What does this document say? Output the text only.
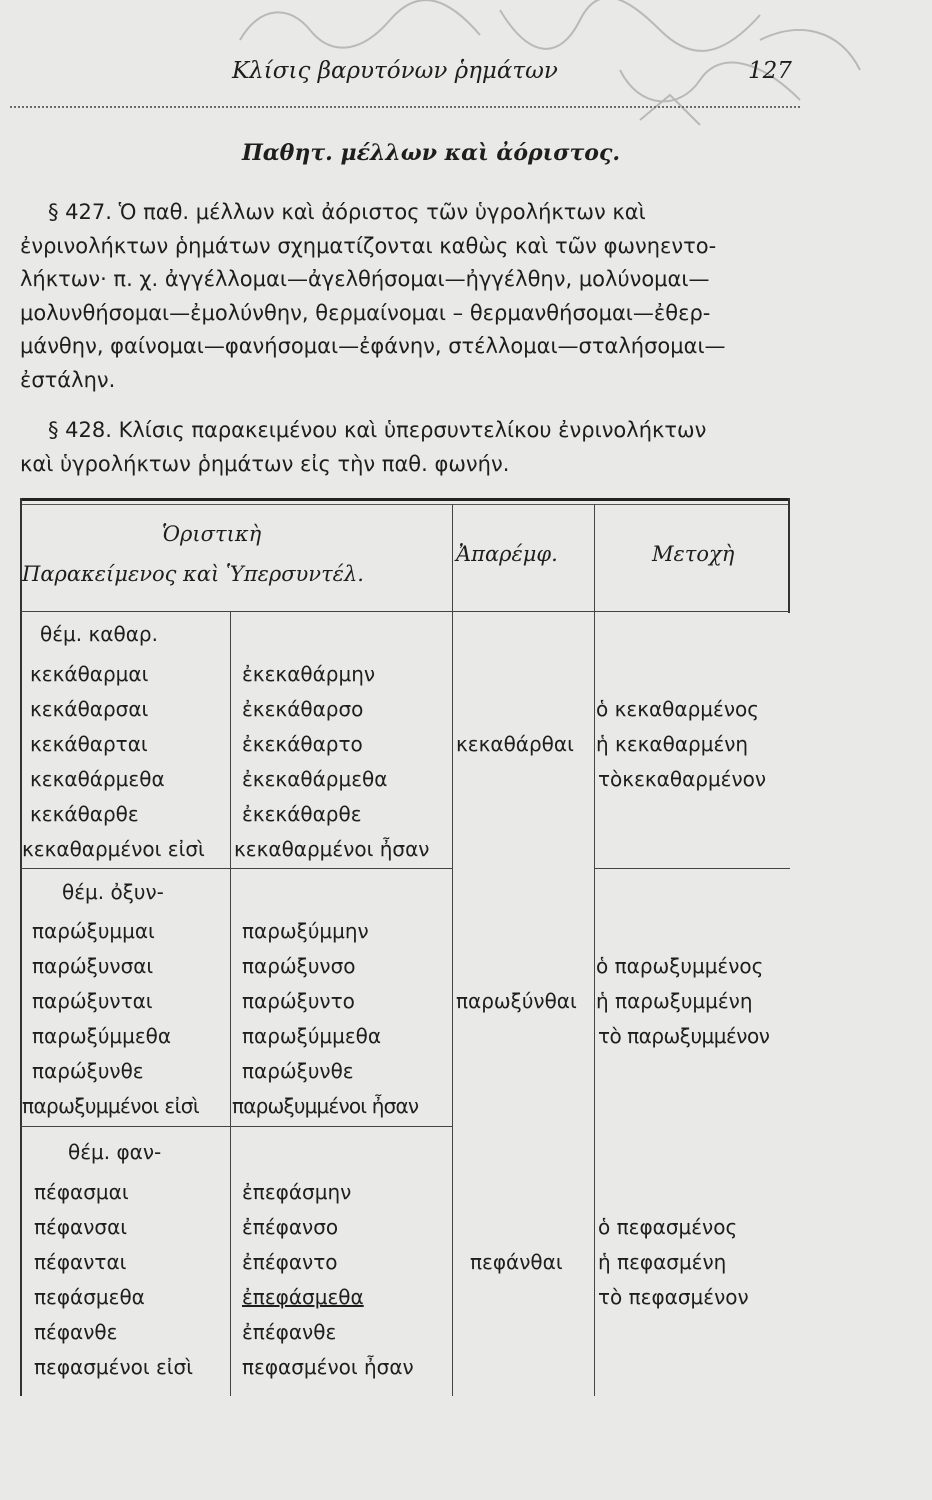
Κλίσις βαρυτόνων ῥημάτων	127
Παθητ. μέλλων καὶ ἀόριστος.
§ 427. Ὁ παθ. μέλλων καὶ ἀόριστος τῶν ὑγρολήκτων καὶ
ἐνρινολήκτων ῥημάτων σχηματίζονται καθὼς καὶ τῶν φωνηεντο-
λήκτων· π. χ. ἀγγέλλομαι—ἀγελθήσομαι—ἠγγέλθην, μολύνομαι—
μολυνθήσομαι—ἐμολύνθην, θερμαίνομαι – θερμανθήσομαι—ἐθερ-
μάνθην, φαίνομαι—φανήσομαι—ἐφάνην, στέλλομαι—σταλήσομαι—
ἐστάλην.
§ 428. Κλίσις παρακειμένου καὶ ὑπερσυντελίκου ἐνρινολήκτων
καὶ ὑγρολήκτων ῥημάτων εἰς τὴν παθ. φωνήν.
Ὁριστικὴ
Παρακείμενος καὶ Ὑπερσυντέλ.
Ἀπαρέμφ.	Μετοχὴ
θέμ. καθαρ.
κεκάθαρμαι
κεκάθαρσαι
κεκάθαρται
κεκαθάρμεθα
κεκάθαρθε
κεκαθαρμένοι εἰσὶ
ἐκεκαθάρμην
ἐκεκάθαρσο
ἐκεκάθαρτο
ἐκεκαθάρμεθα
ἐκεκάθαρθε
κεκαθαρμένοι ἦσαν
κεκαθάρθαι
ὁ κεκαθαρμένος
ἡ κεκαθαρμένη
τὸκεκαθαρμένον
θέμ. ὀξυν-
παρώξυμμαι
παρώξυνσαι
παρώξυνται
παρωξύμμεθα
παρώξυνθε
παρωξυμμένοι εἰσὶ
παρωξύμμην
παρώξυνσο
παρώξυντο
παρωξύμμεθα
παρώξυνθε
παρωξυμμένοι ἦσαν
παρωξύνθαι
ὁ παρωξυμμένος
ἡ παρωξυμμένη
τὸ παρωξυμμένον
θέμ. φαν-
πέφασμαι
πέφανσαι
πέφανται
πεφάσμεθα
πέφανθε
πεφασμένοι εἰσὶ
ἐπεφάσμην
ἐπέφανσο
ἐπέφαντο
ἐπεφάσμεθα
ἐπέφανθε
πεφασμένοι ἦσαν
πεφάνθαι
ὁ πεφασμένος
ἡ πεφασμένη
τὸ πεφασμένον
